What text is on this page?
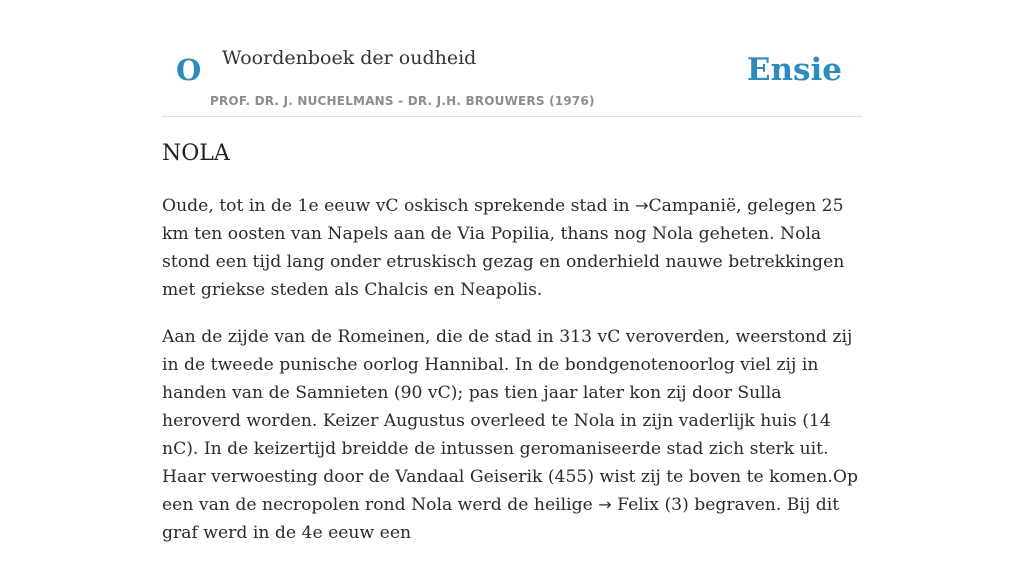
O Woordenboek der oudheid
PROF. DR. J. NUCHELMANS - DR. J.H. BROUWERS (1976)
Ensie
NOLA

Oude, tot in de 1e eeuw vC oskisch sprekende stad in →Campanië, gelegen 25 km ten oosten van Napels aan de Via Popilia, thans nog Nola geheten. Nola stond een tijd lang onder etruskisch gezag en onderhield nauwe betrekkingen met griekse steden als Chalcis en Neapolis.

Aan de zijde van de Romeinen, die de stad in 313 vC veroverden, weerstond zij in de tweede punische oorlog Hannibal. In de bondgenotenoorlog viel zij in handen van de Samnieten (90 vC); pas tien jaar later kon zij door Sulla heroverd worden. Keizer Augustus overleed te Nola in zijn vaderlijk huis (14 nC). In de keizertijd breidde de intussen geromaniseerde stad zich sterk uit. Haar verwoesting door de Vandaal Geiserik (455) wist zij te boven te komen.Op een van de necropolen rond Nola werd de heilige → Felix (3) begraven. Bij dit graf werd in de 4e eeuw een
